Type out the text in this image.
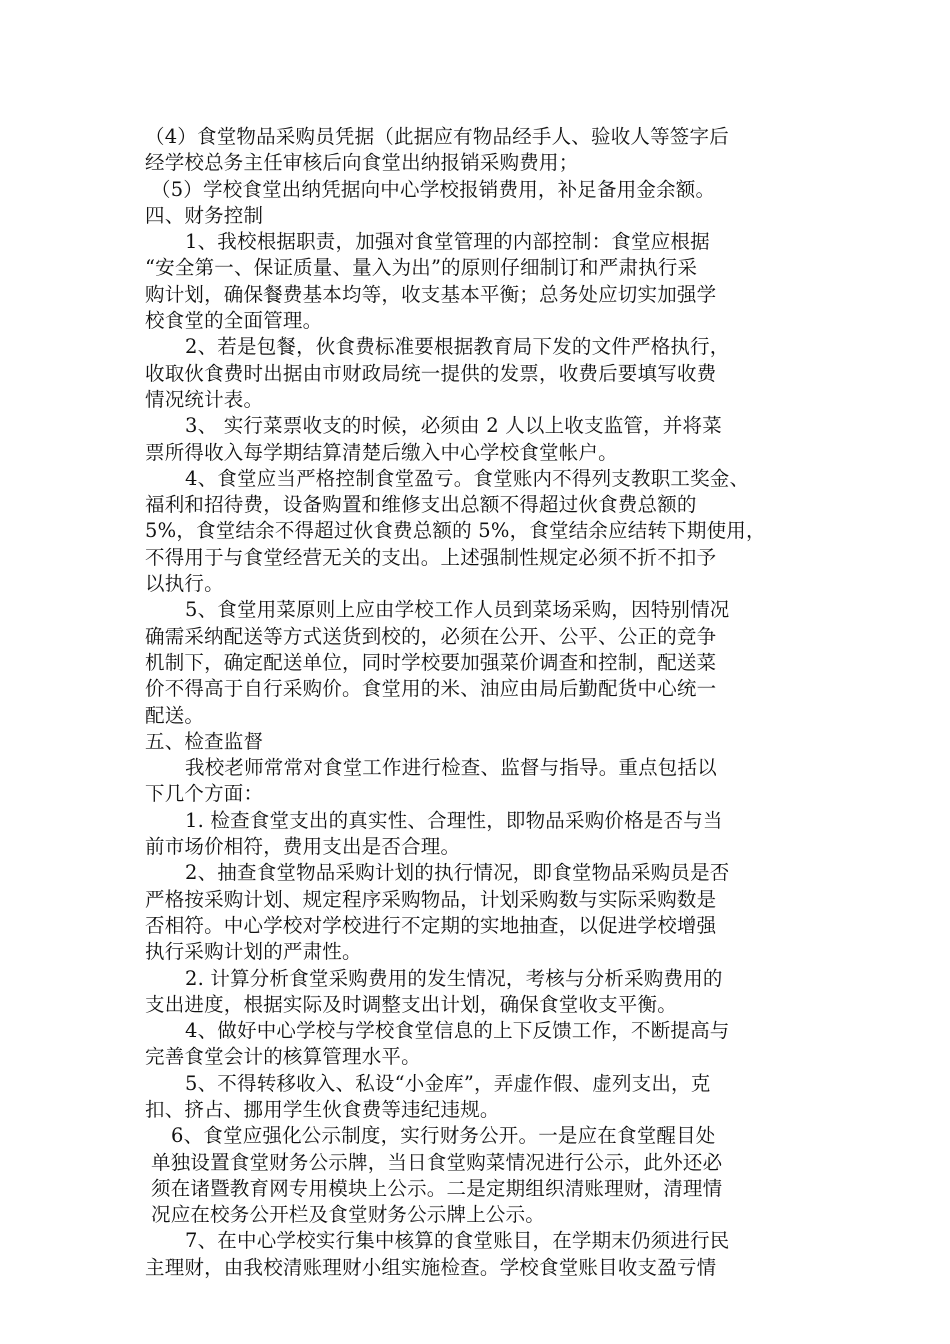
（4）食堂物品采购员凭据（此据应有物品经手人、验收人等签字后
经学校总务主任审核后向食堂出纳报销采购费用；
（5）学校食堂出纳凭据向中心学校报销费用，补足备用金余额。
四、财务控制
1、我校根据职责，加强对食堂管理的内部控制：食堂应根据
“安全第一、保证质量、量入为出”的原则仔细制订和严肃执行采
购计划，确保餐费基本均等，收支基本平衡；总务处应切实加强学
校食堂的全面管理。
2、若是包餐，伙食费标准要根据教育局下发的文件严格执行，
收取伙食费时出据由市财政局统一提供的发票，收费后要填写收费
情况统计表。
3、 实行菜票收支的时候，必须由 2 人以上收支监管，并将菜
票所得收入每学期结算清楚后缴入中心学校食堂帐户。
4、食堂应当严格控制食堂盈亏。食堂账内不得列支教职工奖金、
福利和招待费，设备购置和维修支出总额不得超过伙食费总额的
5%，食堂结余不得超过伙食费总额的 5%，食堂结余应结转下期使用，
不得用于与食堂经营无关的支出。上述强制性规定必须不折不扣予
以执行。
5、食堂用菜原则上应由学校工作人员到菜场采购，因特别情况
确需采纳配送等方式送货到校的，必须在公开、公平、公正的竞争
机制下，确定配送单位，同时学校要加强菜价调查和控制，配送菜
价不得高于自行采购价。食堂用的米、油应由局后勤配货中心统一
配送。
五、检查监督
我校老师常常对食堂工作进行检查、监督与指导。重点包括以
下几个方面：
1. 检查食堂支出的真实性、合理性，即物品采购价格是否与当
前市场价相符，费用支出是否合理。
2、抽查食堂物品采购计划的执行情况，即食堂物品采购员是否
严格按采购计划、规定程序采购物品，计划采购数与实际采购数是
否相符。中心学校对学校进行不定期的实地抽查，以促进学校增强
执行采购计划的严肃性。
2. 计算分析食堂采购费用的发生情况，考核与分析采购费用的
支出进度，根据实际及时调整支出计划，确保食堂收支平衡。
4、做好中心学校与学校食堂信息的上下反馈工作，不断提高与
完善食堂会计的核算管理水平。
5、不得转移收入、私设“小金库”，弄虚作假、虚列支出，克
扣、挤占、挪用学生伙食费等违纪违规。
6、食堂应强化公示制度，实行财务公开。一是应在食堂醒目处
单独设置食堂财务公示牌，当日食堂购菜情况进行公示，此外还必
须在诸暨教育网专用模块上公示。二是定期组织清账理财，清理情
况应在校务公开栏及食堂财务公示牌上公示。
7、在中心学校实行集中核算的食堂账目，在学期末仍须进行民
主理财，由我校清账理财小组实施检查。学校食堂账目收支盈亏情
